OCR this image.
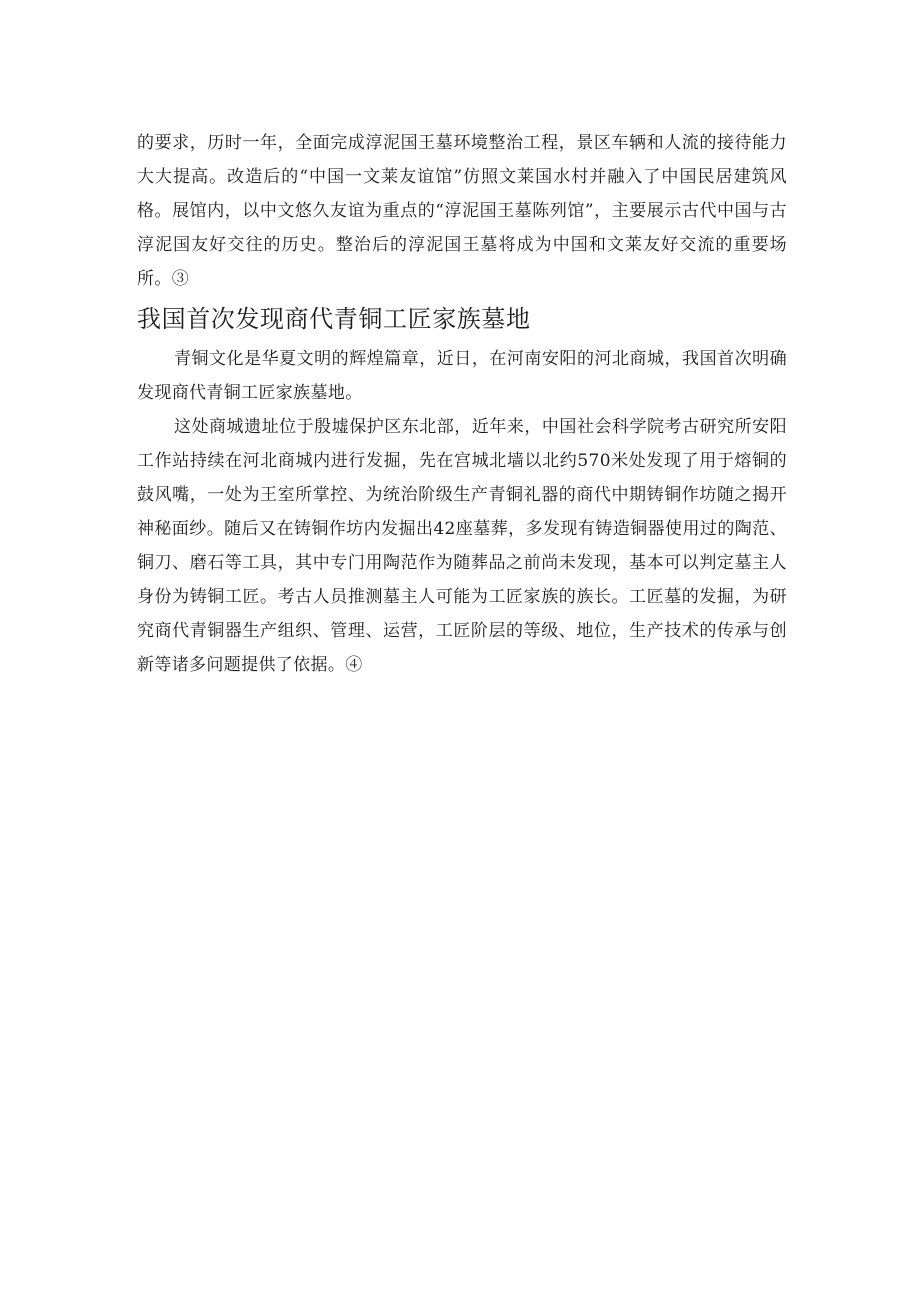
的要求，历时一年，全面完成淳泥国王墓环境整治工程，景区车辆和人流的接待能力大大提高。改造后的“中国一文莱友谊馆”仿照文莱国水村并融入了中国民居建筑风格。展馆内，以中文悠久友谊为重点的“淳泥国王墓陈列馆”，主要展示古代中国与古淳泥国友好交往的历史。整治后的淳泥国王墓将成为中国和文莱友好交流的重要场所。③

我国首次发现商代青铜工匠家族墓地

青铜文化是华夏文明的辉煌篇章，近日，在河南安阳的河北商城，我国首次明确发现商代青铜工匠家族墓地。

这处商城遗址位于殷墟保护区东北部，近年来，中国社会科学院考古研究所安阳工作站持续在河北商城内进行发掘，先在宫城北墙以北约570米处发现了用于熔铜的鼓风嘴，一处为王室所掌控、为统治阶级生产青铜礼器的商代中期铸铜作坊随之揭开神秘面纱。随后又在铸铜作坊内发掘出42座墓葬，多发现有铸造铜器使用过的陶范、铜刀、磨石等工具，其中专门用陶范作为随葬品之前尚未发现，基本可以判定墓主人身份为铸铜工匠。考古人员推测墓主人可能为工匠家族的族长。工匠墓的发掘，为研究商代青铜器生产组织、管理、运营，工匠阶层的等级、地位，生产技术的传承与创新等诸多问题提供了依据。④
